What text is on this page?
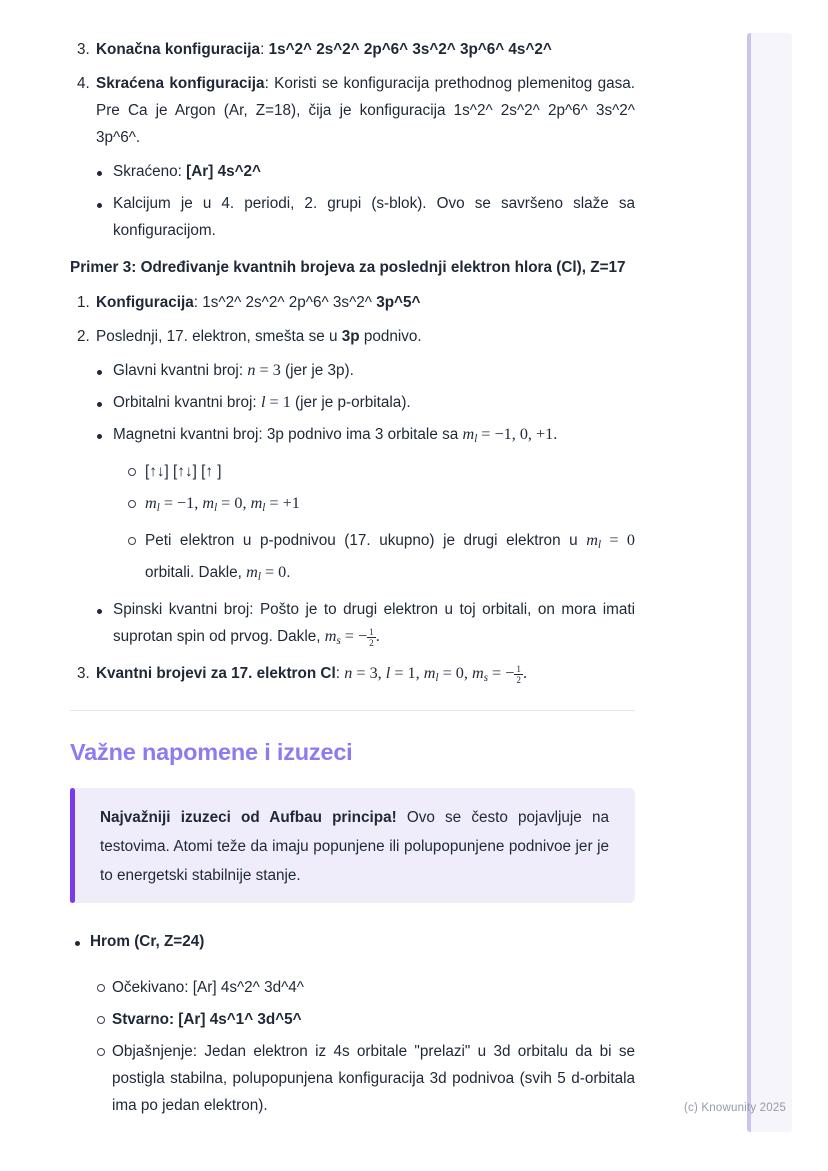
(c) Knowunity 2025
3. Konačna konfiguracija: 1s^2^ 2s^2^ 2p^6^ 3s^2^ 3p^6^ 4s^2^
4. Skraćena konfiguracija: Koristi se konfiguracija prethodnog plemenitog gasa. Pre Ca je Argon (Ar, Z=18), čija je konfiguracija 1s^2^ 2s^2^ 2p^6^ 3s^2^ 3p^6^.
Skraćeno: [Ar] 4s^2^
Kalcijum je u 4. periodi, 2. grupi (s-blok). Ovo se savršeno slaže sa konfiguracijom.
Primer 3: Određivanje kvantnih brojeva za poslednji elektron hlora (Cl), Z=17
1. Konfiguracija: 1s^2^ 2s^2^ 2p^6^ 3s^2^ 3p^5^
2. Poslednji, 17. elektron, smešta se u 3p podnivo.
Glavni kvantni broj: n = 3 (jer je 3p).
Orbitalni kvantni broj: l = 1 (jer je p-orbitala).
Magnetni kvantni broj: 3p podnivo ima 3 orbitale sa $m_l = -1$, 0, +1.
[↑↓] [↑↓] [↑ ]
$m_l = -1$, $m_l = 0$, $m_l = +1$
Peti elektron u p-podnivou (17. ukupno) je drugi elektron u $m_l = 0$ orbitali. Dakle, $m_l = 0$.
Spinski kvantni broj: Pošto je to drugi elektron u toj orbitali, on mora imati suprotan spin od prvog. Dakle, $m_s$ = − $\frac{1}{2}$ .
3. Kvantni brojevi za 17. elektron Cl: n = 3, l = 1, $m_l = 0$, $m_s$ = − $\frac{1}{2}$ .
Važne napomene i izuzeci
Najvažniji izuzeci od Aufbau principa! Ovo se često pojavljuje na testovima. Atomi teže da imaju popunjene ili polupopunjene podnivoe jer je to energetski stabilnije stanje.
Hrom (Cr, Z=24)
Očekivano: [Ar] 4s^2^ 3d^4^
Stvarno: [Ar] 4s^1^ 3d^5^
Objašnjenje: Jedan elektron iz 4s orbitale "prelazi" u 3d orbitalu da bi se postigla stabilna, polupopunjena konfiguracija 3d podnivoa (svih 5 d-orbitala ima po jedan elektron).
